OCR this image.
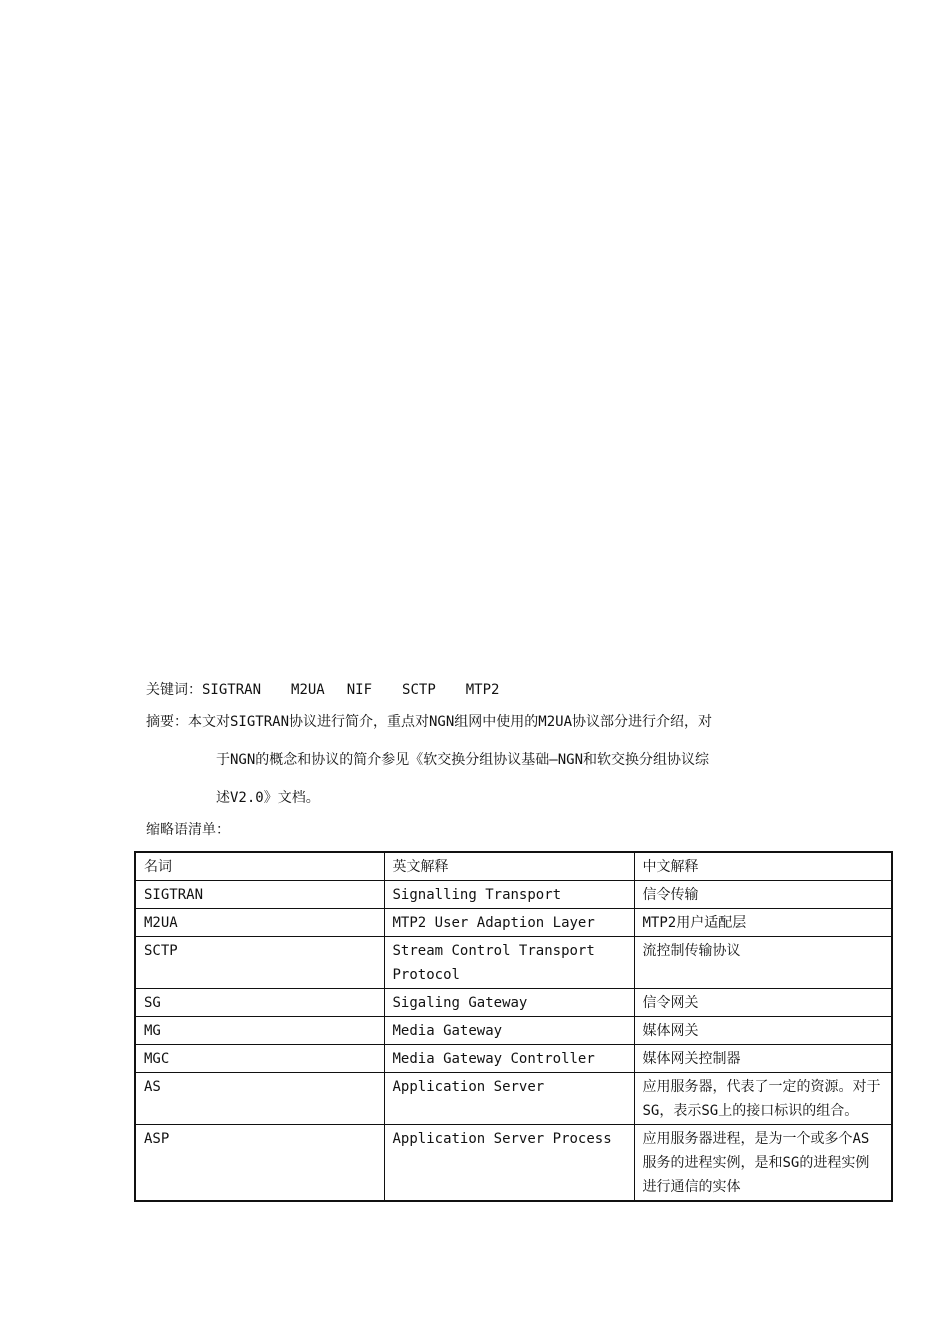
关键词：SIGTRAN M2UA NIF SCTP MTP2
摘要：本文对SIGTRAN协议进行简介，重点对NGN组网中使用的M2UA协议部分进行介绍，对
于NGN的概念和协议的简介参见《软交换分组协议基础—NGN和软交换分组协议综
述V2.0》文档。
缩略语清单：
名词	英文解释	中文解释
SIGTRAN	Signalling Transport	信令传输
M2UA	MTP2 User Adaption Layer	MTP2用户适配层
SCTP	Stream Control Transport Protocol	流控制传输协议
SG	Sigaling Gateway	信令网关
MG	Media Gateway	媒体网关
MGC	Media Gateway Controller	媒体网关控制器
AS	Application Server	应用服务器，代表了一定的资源。对于SG，表示SG上的接口标识的组合。
ASP	Application Server Process	应用服务器进程，是为一个或多个AS服务的进程实例，是和SG的进程实例进行通信的实体
